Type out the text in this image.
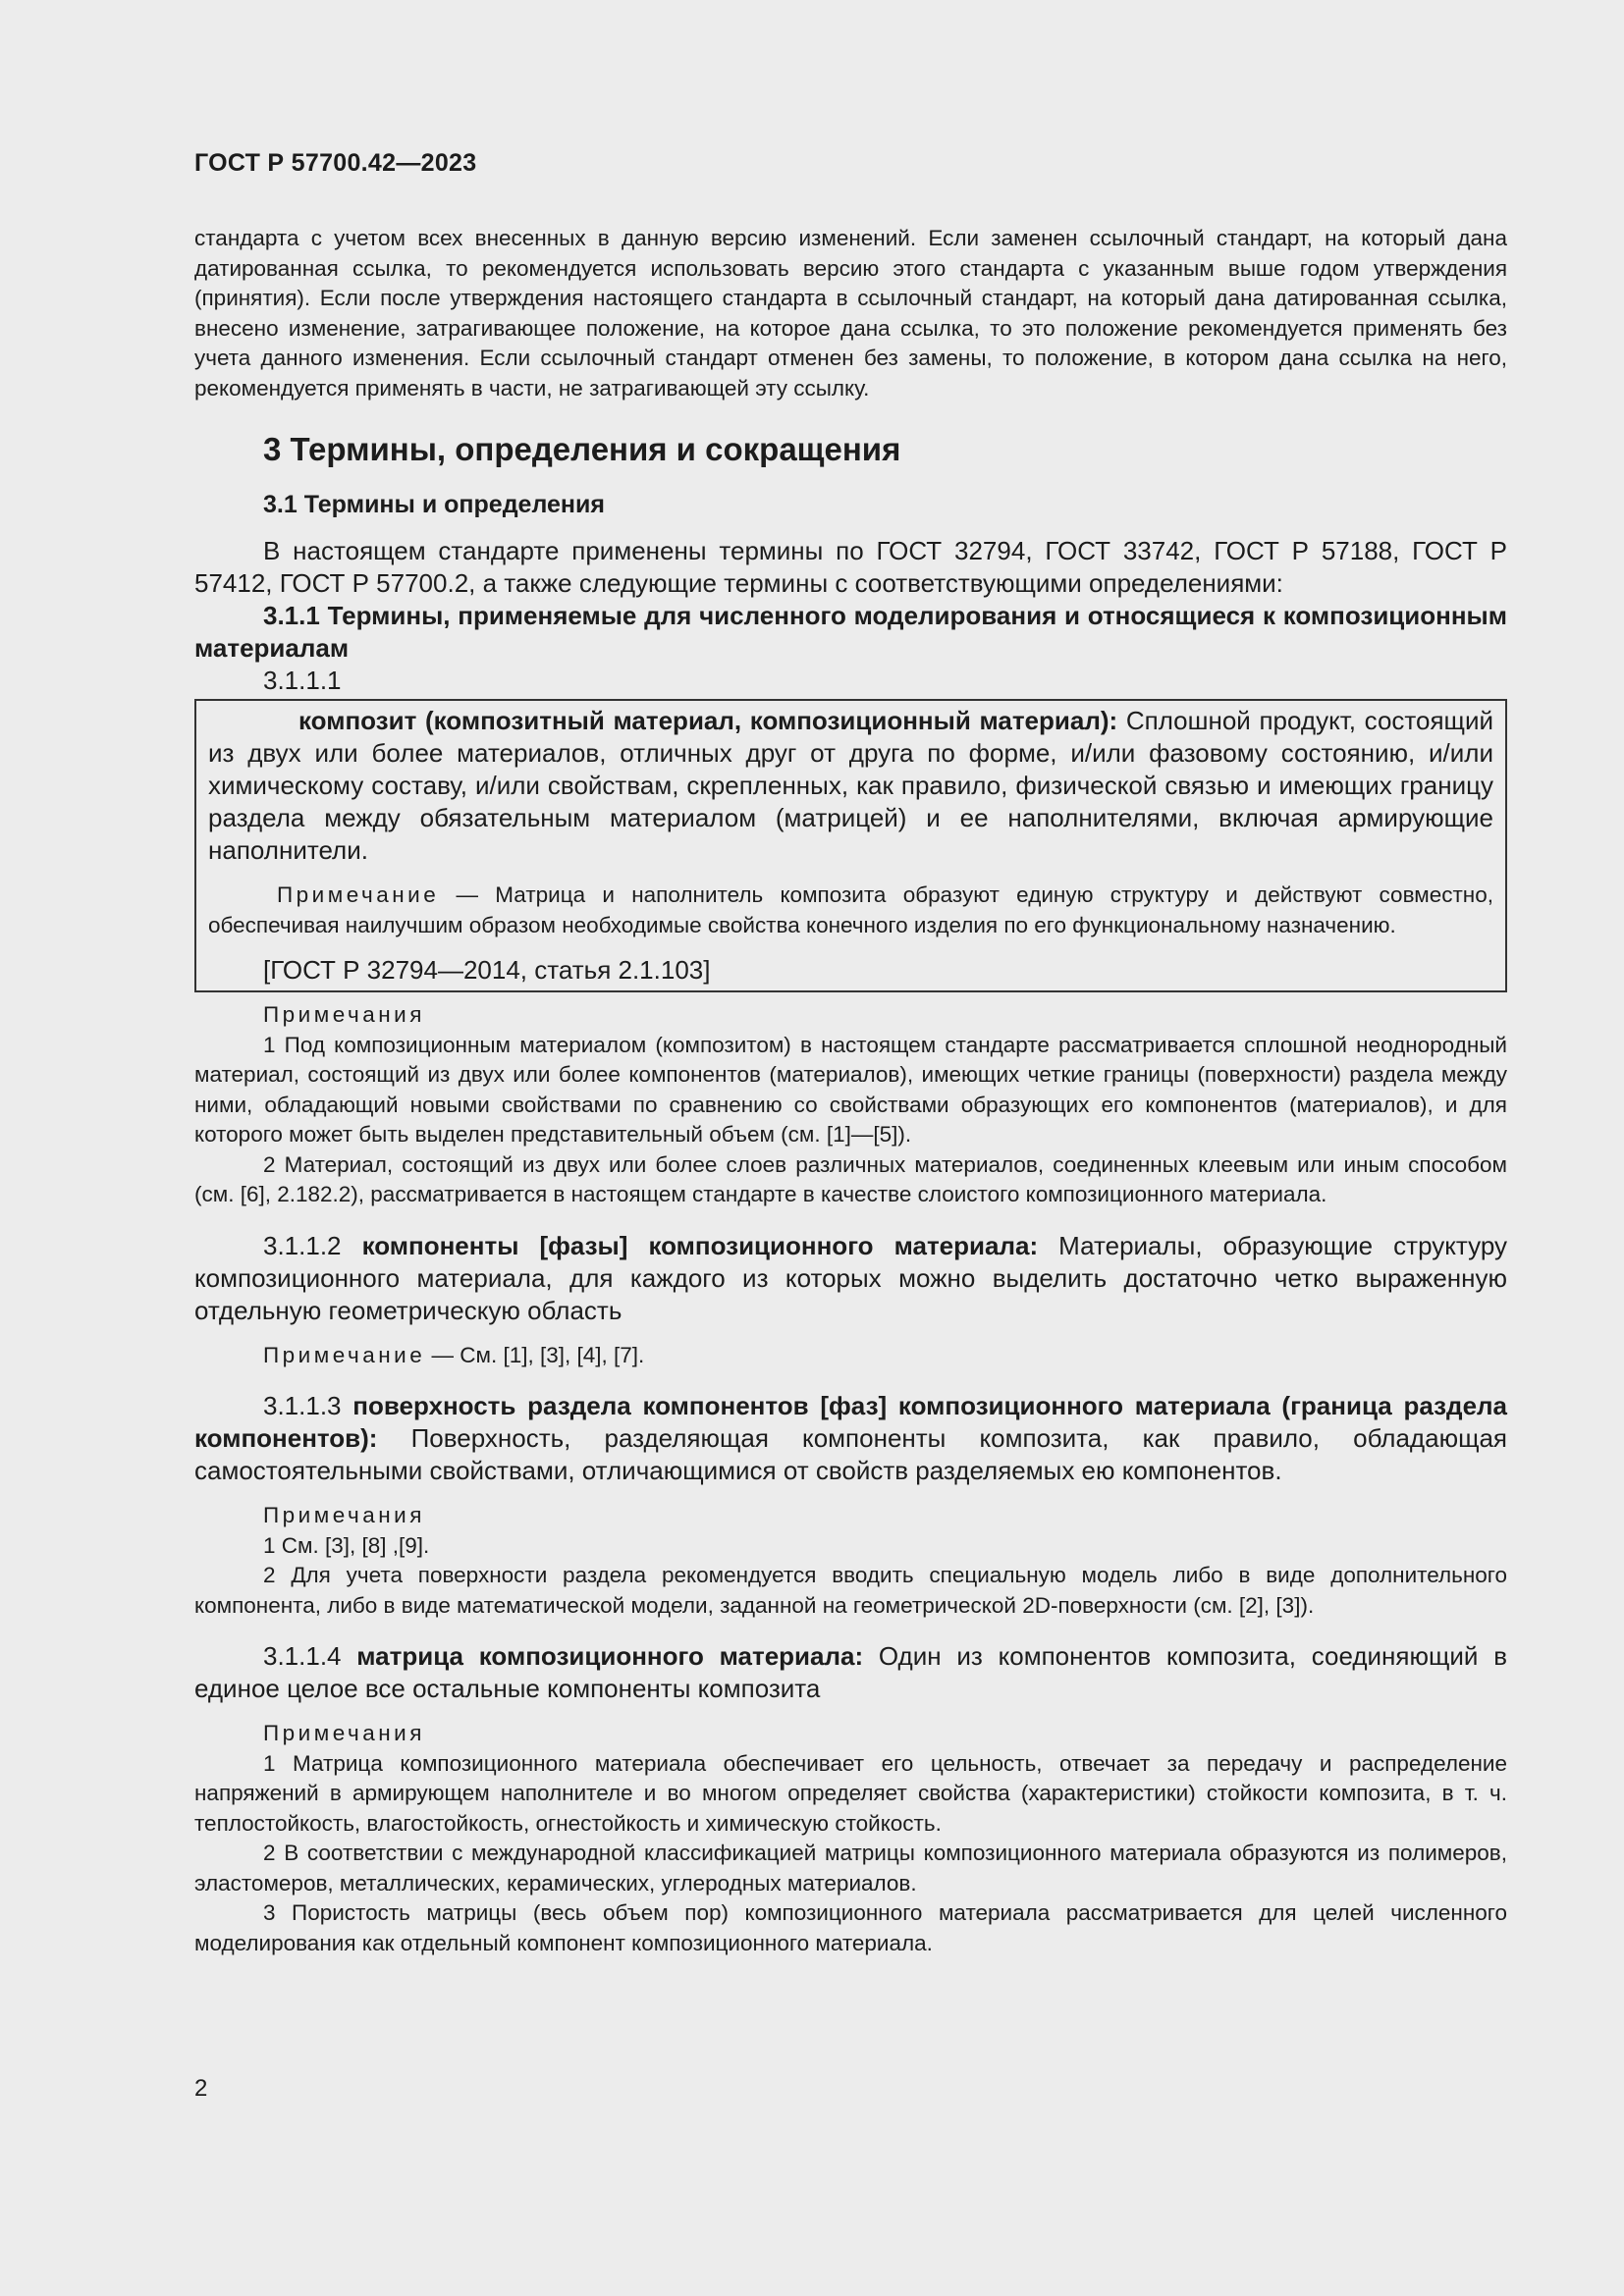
ГОСТ Р 57700.42—2023

стандарта с учетом всех внесенных в данную версию изменений. Если заменен ссылочный стандарт, на который дана датированная ссылка, то рекомендуется использовать версию этого стандарта с указанным выше годом утверждения (принятия). Если после утверждения настоящего стандарта в ссылочный стандарт, на который дана датированная ссылка, внесено изменение, затрагивающее положение, на которое дана ссылка, то это положение рекомендуется применять без учета данного изменения. Если ссылочный стандарт отменен без замены, то положение, в котором дана ссылка на него, рекомендуется применять в части, не затрагивающей эту ссылку.

3 Термины, определения и сокращения
3.1 Термины и определения

В настоящем стандарте применены термины по ГОСТ 32794, ГОСТ 33742, ГОСТ Р 57188, ГОСТ Р 57412, ГОСТ Р 57700.2, а также следующие термины с соответствующими определениями:

3.1.1 Термины, применяемые для численного моделирования и относящиеся к композиционным материалам

3.1.1.1

композит (композитный материал, композиционный материал): Сплошной продукт, состоящий из двух или более материалов, отличных друг от друга по форме, и/или фазовому состоянию, и/или химическому составу, и/или свойствам, скрепленных, как правило, физической связью и имеющих границу раздела между обязательным материалом (матрицей) и ее наполнителями, включая армирующие наполнители.

Примечание — Матрица и наполнитель композита образуют единую структуру и действуют совместно, обеспечивая наилучшим образом необходимые свойства конечного изделия по его функциональному назначению.

[ГОСТ Р 32794—2014, статья 2.1.103]

Примечания

1 Под композиционным материалом (композитом) в настоящем стандарте рассматривается сплошной неоднородный материал, состоящий из двух или более компонентов (материалов), имеющих четкие границы (поверхности) раздела между ними, обладающий новыми свойствами по сравнению со свойствами образующих его компонентов (материалов), и для которого может быть выделен представительный объем (см. [1]—[5]).

2 Материал, состоящий из двух или более слоев различных материалов, соединенных клеевым или иным способом (см. [6], 2.182.2), рассматривается в настоящем стандарте в качестве слоистого композиционного материала.

3.1.1.2 компоненты [фазы] композиционного материала: Материалы, образующие структуру композиционного материала, для каждого из которых можно выделить достаточно четко выраженную отдельную геометрическую область

Примечание — См. [1], [3], [4], [7].

3.1.1.3 поверхность раздела компонентов [фаз] композиционного материала (граница раздела компонентов): Поверхность, разделяющая компоненты композита, как правило, обладающая самостоятельными свойствами, отличающимися от свойств разделяемых ею компонентов.

Примечания

1 См. [3], [8] ,[9].

2 Для учета поверхности раздела рекомендуется вводить специальную модель либо в виде дополнительного компонента, либо в виде математической модели, заданной на геометрической 2D-поверхности (см. [2], [3]).

3.1.1.4 матрица композиционного материала: Один из компонентов композита, соединяющий в единое целое все остальные компоненты композита

Примечания

1 Матрица композиционного материала обеспечивает его цельность, отвечает за передачу и распределение напряжений в армирующем наполнителе и во многом определяет свойства (характеристики) стойкости композита, в т. ч. теплостойкость, влагостойкость, огнестойкость и химическую стойкость.

2 В соответствии с международной классификацией матрицы композиционного материала образуются из полимеров, эластомеров, металлических, керамических, углеродных материалов.

3 Пористость матрицы (весь объем пор) композиционного материала рассматривается для целей численного моделирования как отдельный компонент композиционного материала.

2
